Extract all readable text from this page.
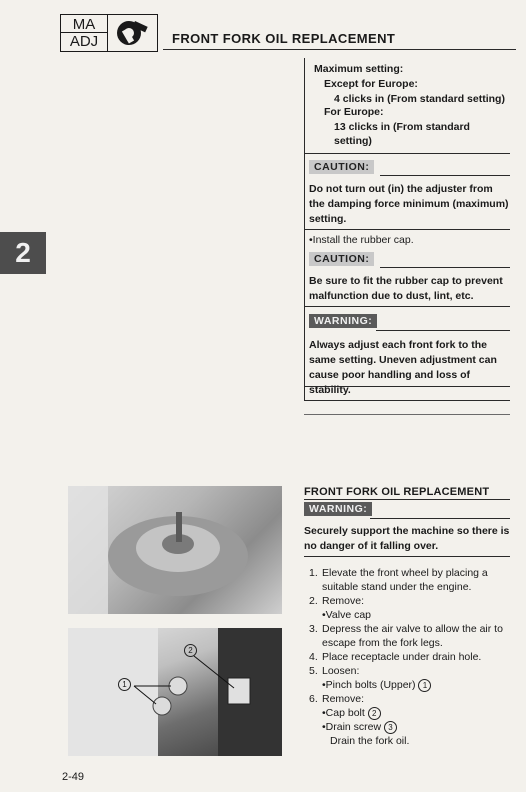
MA
ADJ	FRONT FORK OIL REPLACEMENT
2
Maximum setting:
Except for Europe:
4 clicks in (From standard setting)
For Europe:
13 clicks in (From standard
setting)
CAUTION:
Do not turn out (in) the adjuster from the damping force minimum (maximum) setting.
•Install the rubber cap.
CAUTION:
Be sure to fit the rubber cap to prevent malfunction due to dust, lint, etc.
WARNING:
Always adjust each front fork to the same setting. Uneven adjustment can cause poor handling and loss of stability.
1
2
FRONT FORK OIL REPLACEMENT
WARNING:
Securely support the machine so there is no danger of it falling over.
1. Elevate the front wheel by placing a suitable stand under the engine.
2. Remove:
•Valve cap
3. Depress the air valve to allow the air to escape from the fork legs.
4. Place receptacle under drain hole.
5. Loosen:
•Pinch bolts (Upper) 1
6. Remove:
•Cap bolt 2
•Drain screw 3
Drain the fork oil.
2-49
